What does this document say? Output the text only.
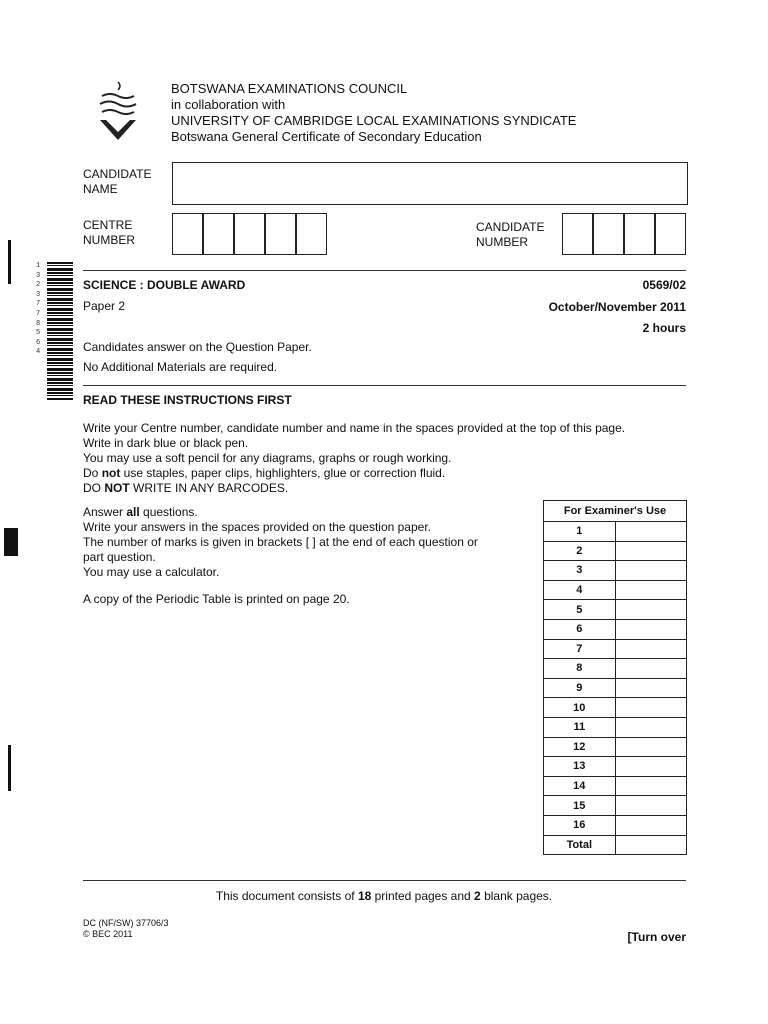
BOTSWANA EXAMINATIONS COUNCIL
in collaboration with
UNIVERSITY OF CAMBRIDGE LOCAL EXAMINATIONS SYNDICATE
Botswana General Certificate of Secondary Education
CANDIDATE
NAME
CENTRE
NUMBER
CANDIDATE
NUMBER
1
3
2
3
7
7
8
5
6
4
SCIENCE : DOUBLE AWARD	0569/02
Paper 2	October/November 2011
2 hours
Candidates answer on the Question Paper.
No Additional Materials are required.
READ THESE INSTRUCTIONS FIRST
Write your Centre number, candidate number and name in the spaces provided at the top of this page.
Write in dark blue or black pen.
You may use a soft pencil for any diagrams, graphs or rough working.
Do not use staples, paper clips, highlighters, glue or correction fluid.
DO NOT WRITE IN ANY BARCODES.
Answer all questions.
Write your answers in the spaces provided on the question paper.
The number of marks is given in brackets [ ] at the end of each question or
part question.
You may use a calculator.
A copy of the Periodic Table is printed on page 20.
For Examiner's Use	
1	
2	
3	
4	
5	
6	
7	
8	
9	
10	
11	
12	
13	
14	
15	
16	
Total	
This document consists of 18 printed pages and 2 blank pages.
DC (NF/SW) 37706/3
© BEC 2011	[Turn over
